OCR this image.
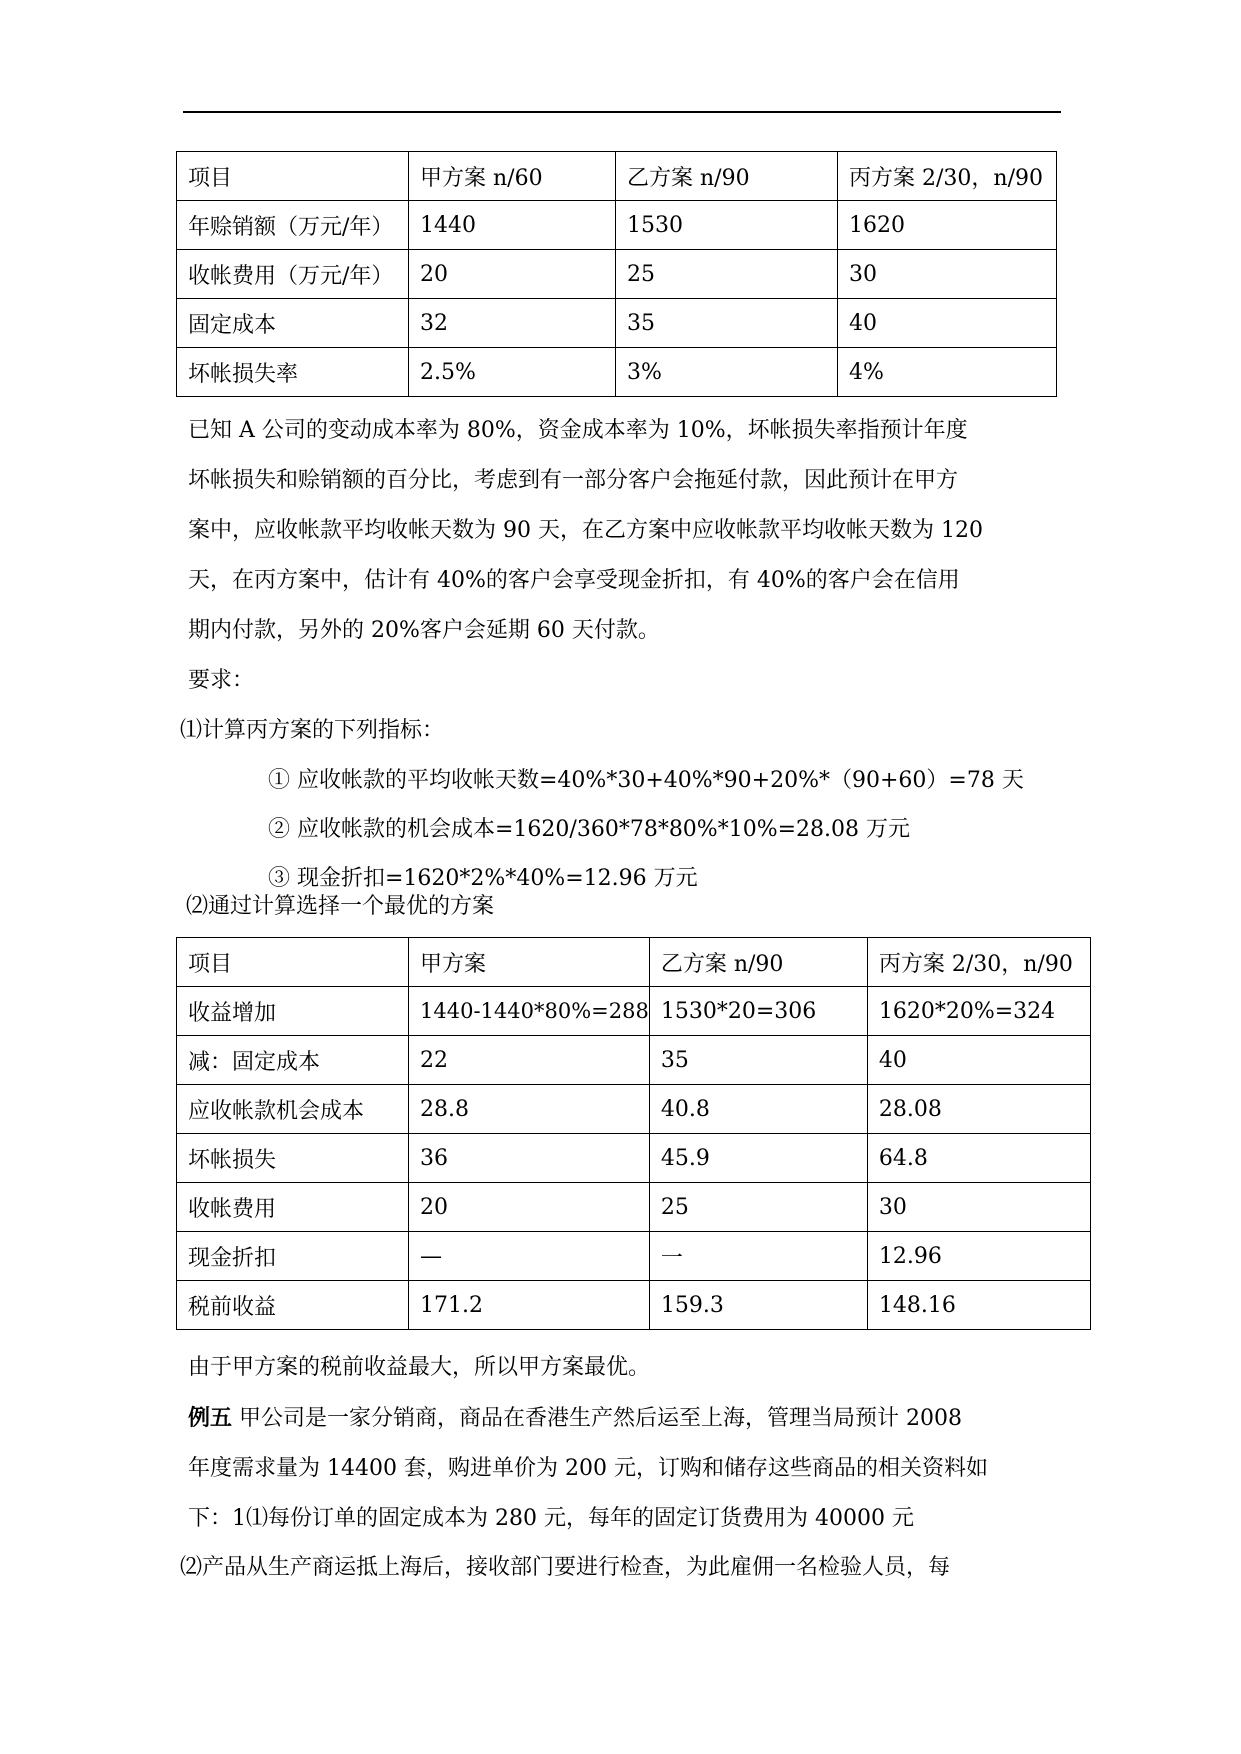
项目	甲方案 n/60	乙方案 n/90	丙方案 2/30，n/90
年赊销额（万元/年）	1440	1530	1620
收帐费用（万元/年）	20	25	30
固定成本	32	35	40
坏帐损失率	2.5%	3%	4%
已知 A 公司的变动成本率为 80%，资金成本率为 10%，坏帐损失率指预计年度
坏帐损失和赊销额的百分比，考虑到有一部分客户会拖延付款，因此预计在甲方
案中，应收帐款平均收帐天数为 90 天，在乙方案中应收帐款平均收帐天数为 120
天，在丙方案中，估计有 40%的客户会享受现金折扣，有 40%的客户会在信用
期内付款，另外的 20%客户会延期 60 天付款。
要求：
⑴计算丙方案的下列指标：
① 应收帐款的平均收帐天数=40%*30+40%*90+20%*（90+60）=78 天
② 应收帐款的机会成本=1620/360*78*80%*10%=28.08 万元
③ 现金折扣=1620*2%*40%=12.96 万元
⑵通过计算选择一个最优的方案
项目	甲方案	乙方案 n/90	丙方案 2/30，n/90
收益增加	1440-1440*80%=288	1530*20=306	1620*20%=324
减：固定成本	22	35	40
应收帐款机会成本	28.8	40.8	28.08
坏帐损失	36	45.9	64.8
收帐费用	20	25	30
现金折扣	—	一	12.96
税前收益	171.2	159.3	148.16
由于甲方案的税前收益最大，所以甲方案最优。
例五 甲公司是一家分销商，商品在香港生产然后运至上海，管理当局预计 2008
年度需求量为 14400 套，购进单价为 200 元，订购和储存这些商品的相关资料如
下：1⑴每份订单的固定成本为 280 元，每年的固定订货费用为 40000 元
⑵产品从生产商运抵上海后，接收部门要进行检查，为此雇佣一名检验人员，每
